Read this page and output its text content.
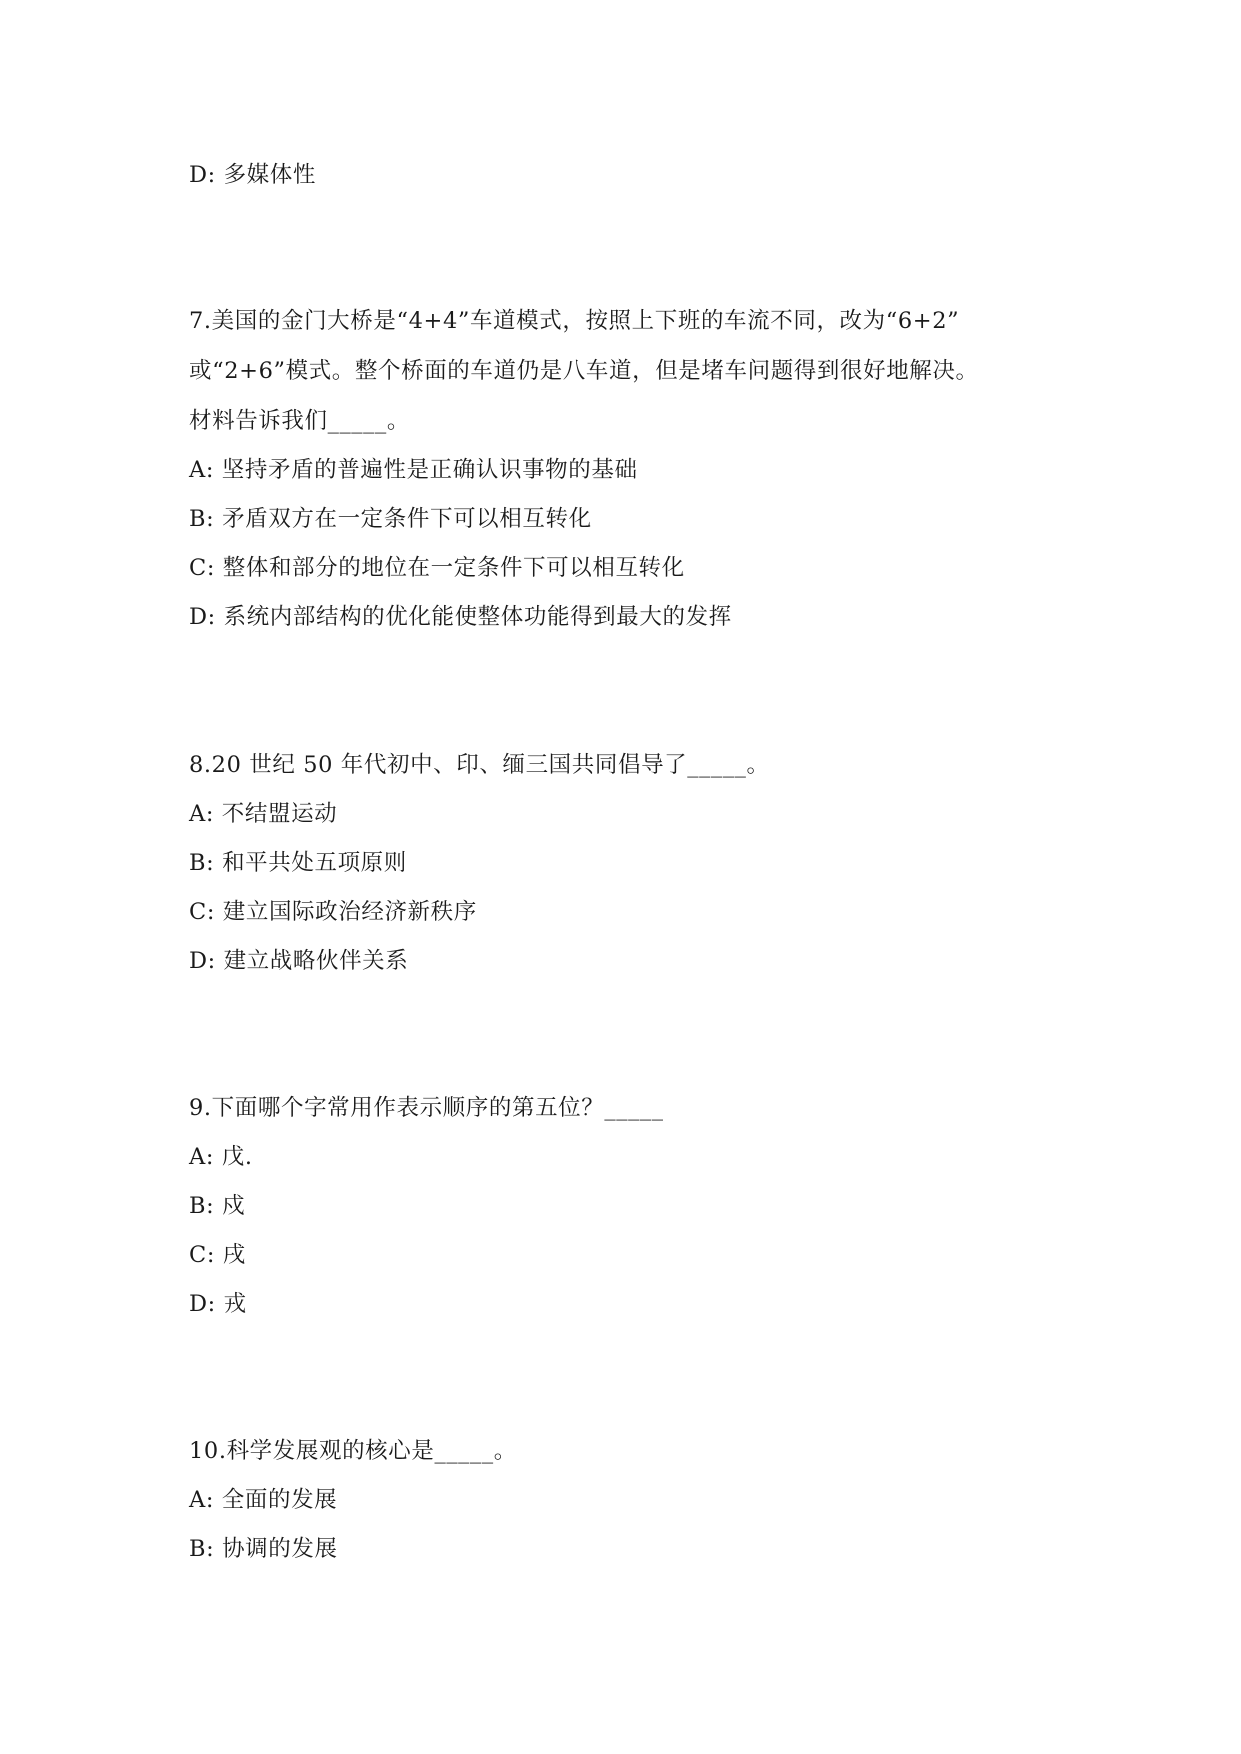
D: 多媒体性
7.美国的金门大桥是“4+4”车道模式，按照上下班的车流不同，改为“6+2”
或“2+6”模式。整个桥面的车道仍是八车道，但是堵车问题得到很好地解决。
材料告诉我们_____。
A: 坚持矛盾的普遍性是正确认识事物的基础
B: 矛盾双方在一定条件下可以相互转化
C: 整体和部分的地位在一定条件下可以相互转化
D: 系统内部结构的优化能使整体功能得到最大的发挥
8.20 世纪 50 年代初中、印、缅三国共同倡导了_____。
A: 不结盟运动
B: 和平共处五项原则
C: 建立国际政治经济新秩序
D: 建立战略伙伴关系
9.下面哪个字常用作表示顺序的第五位？_____
A: 戊.
B: 戍
C: 戌
D: 戎
10.科学发展观的核心是_____。
A: 全面的发展
B: 协调的发展
